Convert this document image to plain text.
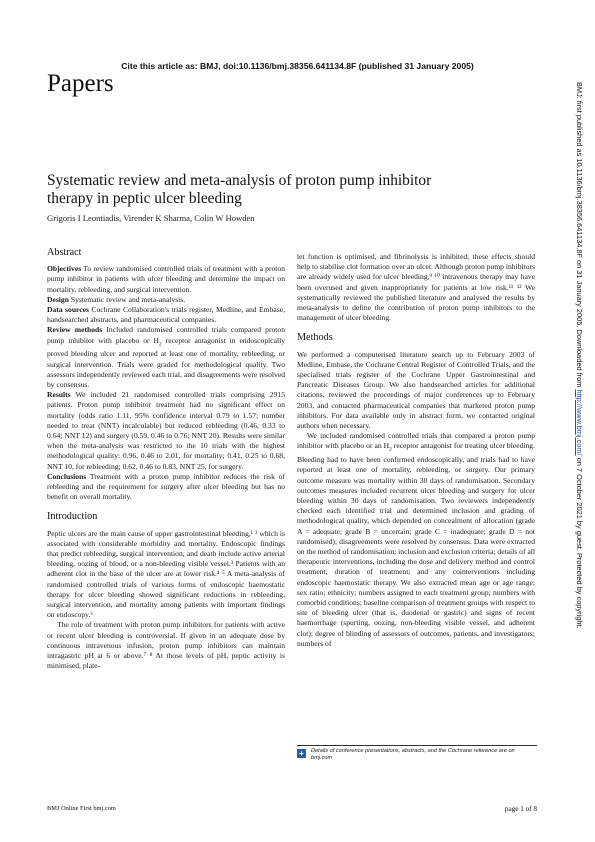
Cite this article as: BMJ, doi:10.1136/bmj.38356.641134.8F (published 31 January 2005)
Papers
Systematic review and meta-analysis of proton pump inhibitor therapy in peptic ulcer bleeding
Grigoris I Leontiadis, Virender K Sharma, Colin W Howden
Abstract

Objectives To review randomised controlled trials of treatment with a proton pump inhibitor in patients with ulcer bleeding and determine the impact on mortality, rebleeding, and surgical intervention.

Design Systematic review and meta-analysis.

Data sources Cochrane Collaboration's trials register, Medline, and Embase, handsearched abstracts, and pharmaceutical companies.

Review methods Included randomised controlled trials compared proton pump inhibitor with placebo or $H_2$ receptor antagonist in endoscopically proved bleeding ulcer and reported at least one of mortality, rebleeding, or surgical intervention. Trials were graded for methodological quality. Two assessors independently reviewed each trial, and disagreements were resolved by consensus.

Results We included 21 randomised controlled trials comprising 2915 patients. Proton pump inhibitor treatment had no significant effect on mortality (odds ratio 1.11, 95% confidence interval 0.79 to 1.57; number needed to treat (NNT) incalculable) but reduced rebleeding (0.46, 0.33 to 0.64; NNT 12) and surgery (0.59, 0.46 to 0.76; NNT 20). Results were similar when the meta-analysis was restricted to the 10 trials with the highest methodological quality: 0.96, 0.46 to 2.01, for mortality; 0.41, 0.25 to 0.68, NNT 10, for rebleeding; 0.62, 0.46 to 0.83, NNT 25, for surgery.

Conclusions Treatment with a proton pump inhibitor reduces the risk of rebleeding and the requirement for surgery after ulcer bleeding but has no benefit on overall mortality.

Introduction

Peptic ulcers are the main cause of upper gastrointestinal bleeding,¹ ² which is associated with considerable morbidity and mortality. Endoscopic findings that predict rebleeding, surgical intervention, and death include active arterial bleeding, oozing of blood, or a non-bleeding visible vessel.³ Patients with an adherent clot in the base of the ulcer are at lower risk.⁴ ⁵ A meta-analysis of randomised controlled trials of various forms of endoscopic haemostatic therapy for ulcer bleeding showed significant reductions in rebleeding, surgical intervention, and mortality among patients with important findings on endoscopy.⁶

The role of treatment with proton pump inhibitors for patients with active or recent ulcer bleeding is controversial. If given in an adequate dose by continuous intravenous infusion, proton pump inhibitors can maintain intragastric pH at 6 or above.⁷ ⁸ At those levels of pH, peptic activity is minimised, plate-

let function is optimised, and fibrinolysis is inhibited; these effects should help to stabilise clot formation over an ulcer. Although proton pump inhibitors are already widely used for ulcer bleeding,⁹ ¹⁰ intravenous therapy may have been overused and given inappropriately for patients at low risk.¹¹ ¹² We systematically reviewed the published literature and analysed the results by meta-analysis to define the contribution of proton pump inhibitors to the management of ulcer bleeding.

Methods

We performed a computerised literature search up to February 2003 of Medline, Embase, the Cochrane Central Register of Controlled Trials, and the specialised trials register of the Cochrane Upper Gastrointestinal and Pancreatic Diseases Group. We also handsearched articles for additional citations, reviewed the proceedings of major conferences up to February 2003, and contacted pharmaceutical companies that marketed proton pump inhibitors. For data available only in abstract form, we contacted original authors when necessary.

We included randomised controlled trials that compared a proton pump inhibitor with placebo or an $H_2$ receptor antagonist for treating ulcer bleeding. Bleeding had to have been confirmed endoscopically, and trials had to have reported at least one of mortality, rebleeding, or surgery. Our primary outcome measure was mortality within 30 days of randomisation. Secondary outcomes measures included recurrent ulcer bleeding and surgery for ulcer bleeding within 30 days of randomisation. Two reviewers independently checked each identified trial and determined inclusion and grading of methodological quality, which depended on concealment of allocation (grade A = adequate; grade B = uncertain; grade C = inadequate; grade D = not randomised); disagreements were resolved by consensus. Data were extracted on the method of randomisation; inclusion and exclusion criteria; details of all therapeutic interventions, including the dose and delivery method and control treatment; duration of treatment; and any cointerventions including endoscopic haemostatic therapy. We also extracted mean age or age range; sex ratio; ethnicity; numbers assigned to each treatment group; numbers with comorbid conditions; baseline comparison of treatment groups with respect to site of bleeding ulcer (that is, duodenal or gastric) and signs of recent haemorrhage (spurting, oozing, non-bleeding visible vessel, and adherent clot); degree of blinding of assessors of outcomes, patients, and investigators; numbers of

+	Details of conference presentations, abstracts, and the Cochrane reference are on bmj.com
BMJ: first published as 10.1136/bmj.38356.641134.8F on 31 January 2005. Downloaded from http://www.bmj.com/ on 7 October 2021 by guest. Protected by copyright.
BMJ Online First bmj.com	page 1 of 8
